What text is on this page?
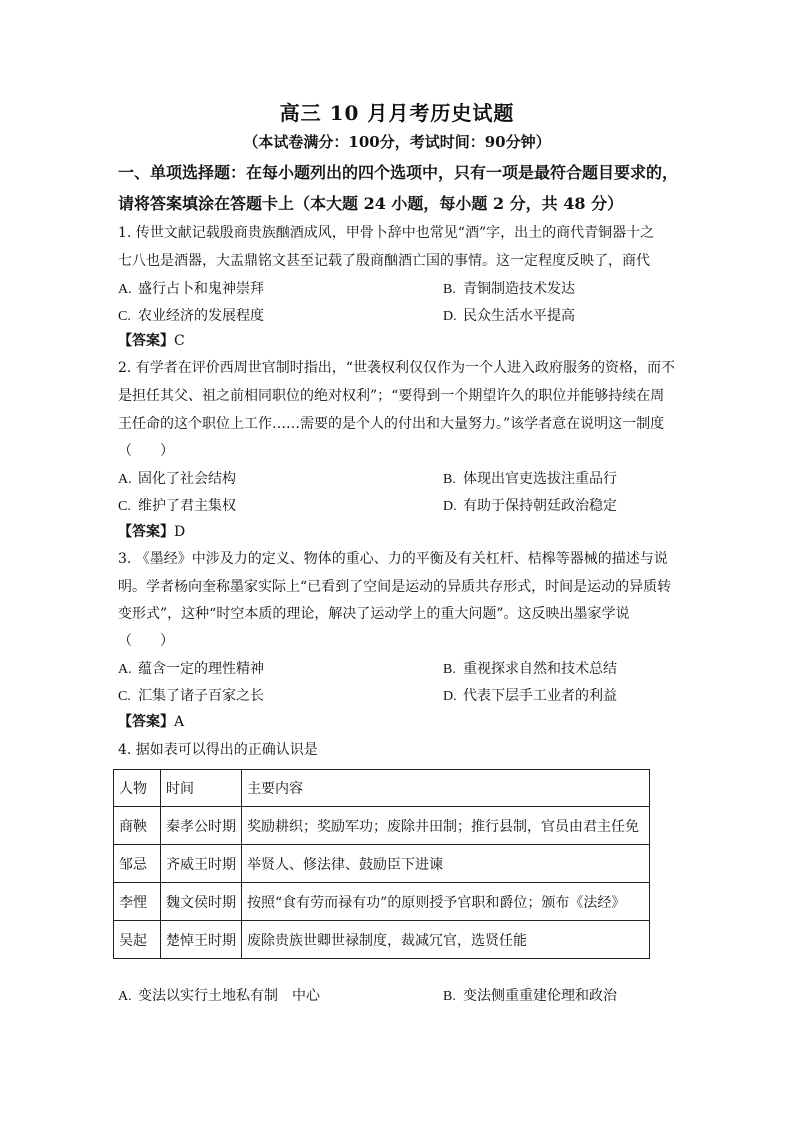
高三 10 月月考历史试题
（本试卷满分：100分，考试时间：90分钟）
一、单项选择题：在每小题列出的四个选项中，只有一项是最符合题目要求的，
请将答案填涂在答题卡上（本大题 24 小题，每小题 2 分，共 48 分）
1. 传世文献记载殷商贵族酗酒成风，甲骨卜辞中也常见“酒”字，出土的商代青铜器十之
七八也是酒器，大盂鼎铭文甚至记载了殷商酗酒亡国的事情。这一定程度反映了，商代
A. 盛行占卜和鬼神崇拜	B. 青铜制造技术发达
C. 农业经济的发展程度	D. 民众生活水平提高
【答案】C
2. 有学者在评价西周世官制时指出，“世袭权利仅仅作为一个人进入政府服务的资格，而不
是担任其父、祖之前相同职位的绝对权利”；“要得到一个期望许久的职位并能够持续在周
王任命的这个职位上工作……需要的是个人的付出和大量努力。”该学者意在说明这一制度
（　　）
A. 固化了社会结构	B. 体现出官吏选拔注重品行
C. 维护了君主集权	D. 有助于保持朝廷政治稳定
【答案】D
3. 《墨经》中涉及力的定义、物体的重心、力的平衡及有关杠杆、桔槔等器械的描述与说
明。学者杨向奎称墨家实际上“已看到了空间是运动的异质共存形式，时间是运动的异质转
变形式”，这种“时空本质的理论，解决了运动学上的重大问题”。这反映出墨家学说
（　　）
A. 蕴含一定的理性精神	B. 重视探求自然和技术总结
C. 汇集了诸子百家之长	D. 代表下层手工业者的利益
【答案】A
4. 据如表可以得出的正确认识是
人物	时间	主要内容
商鞅	秦孝公时期	奖励耕织；奖励军功；废除井田制；推行县制，官员由君主任免
邹忌	齐威王时期	举贤人、修法律、鼓励臣下进谏
李悝	魏文侯时期	按照“食有劳而禄有功”的原则授予官职和爵位；颁布《法经》
吴起	楚悼王时期	废除贵族世卿世禄制度，裁减冗官，选贤任能
A. 变法以实行土地私有制　中心	B. 变法侧重重建伦理和政治
